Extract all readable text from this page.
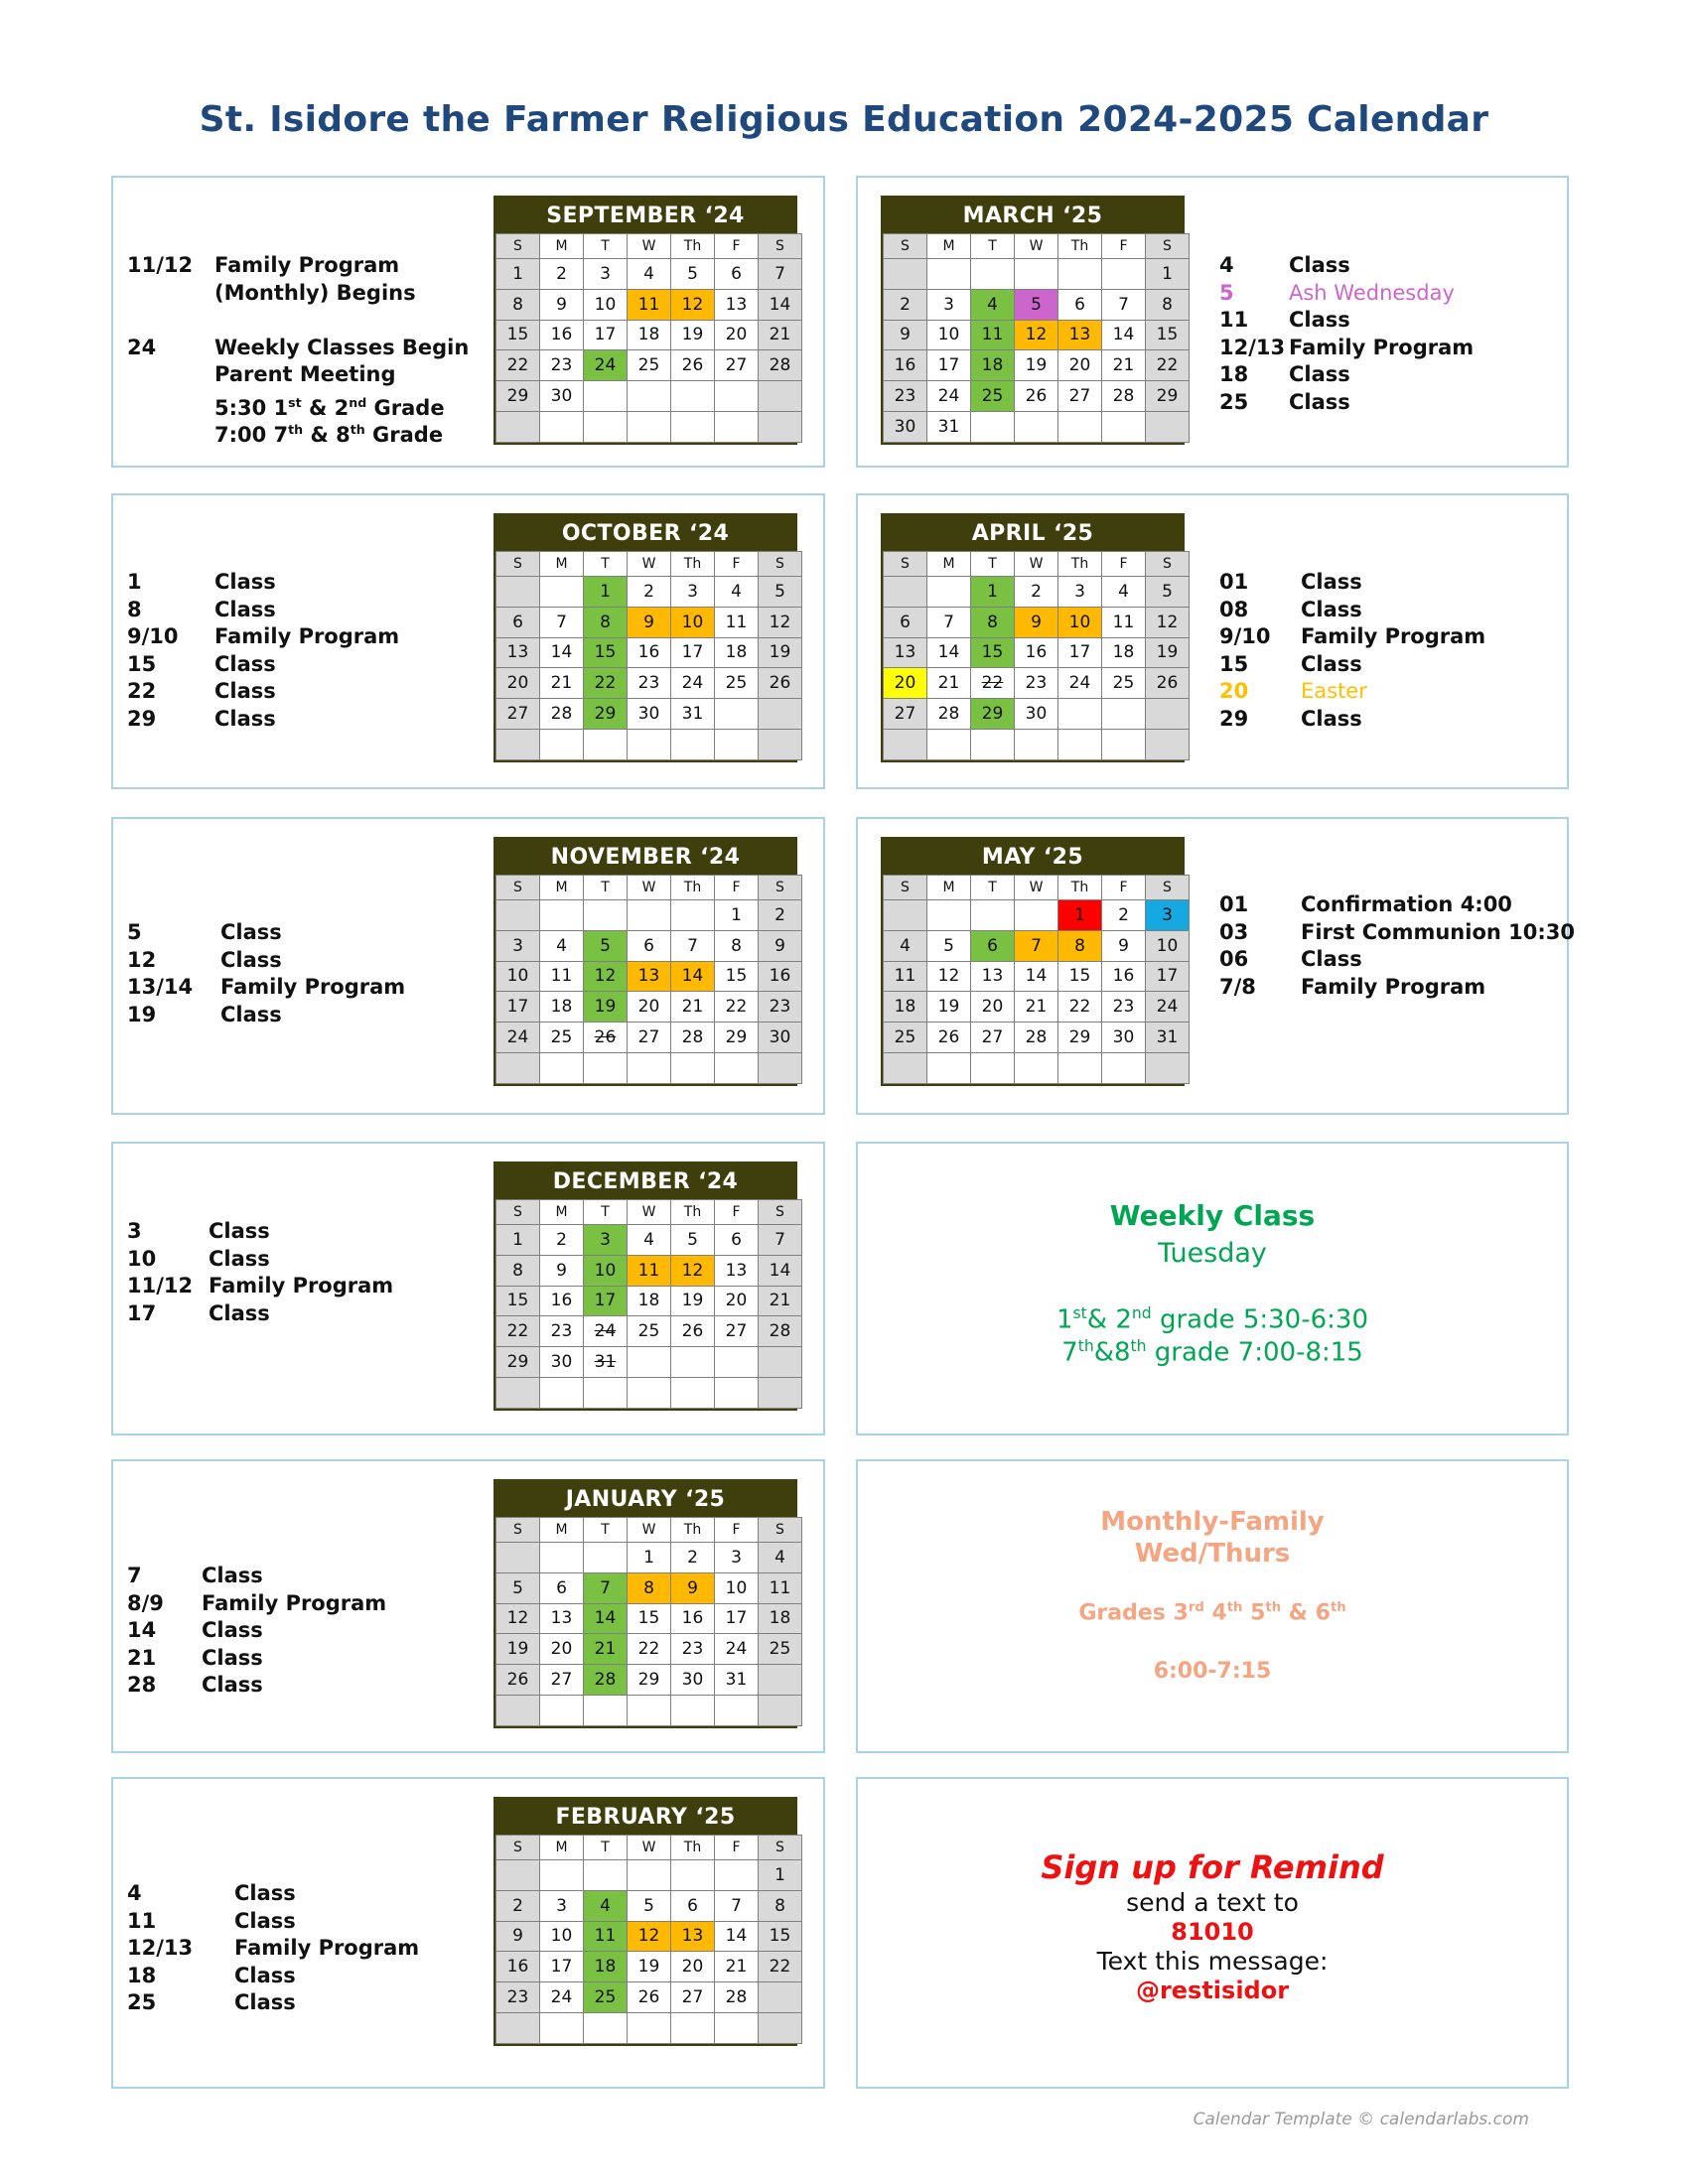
St. Isidore the Farmer Religious Education 2024-2025 Calendar
SEPTEMBER ‘24
S	M	T	W	Th	F	S
1	2	3	4	5	6	7
8	9	10	11	12	13	14
15	16	17	18	19	20	21
22	23	24	25	26	27	28
29	30					

OCTOBER ‘24
S	M	T	W	Th	F	S
		1	2	3	4	5
6	7	8	9	10	11	12
13	14	15	16	17	18	19
20	21	22	23	24	25	26
27	28	29	30	31		

NOVEMBER ‘24
S	M	T	W	Th	F	S
					1	2
3	4	5	6	7	8	9
10	11	12	13	14	15	16
17	18	19	20	21	22	23
24	25	26	27	28	29	30

DECEMBER ‘24
S	M	T	W	Th	F	S
1	2	3	4	5	6	7
8	9	10	11	12	13	14
15	16	17	18	19	20	21
22	23	24	25	26	27	28
29	30	31				

JANUARY ‘25
S	M	T	W	Th	F	S
			1	2	3	4
5	6	7	8	9	10	11
12	13	14	15	16	17	18
19	20	21	22	23	24	25
26	27	28	29	30	31	

FEBRUARY ‘25
S	M	T	W	Th	F	S
						1
2	3	4	5	6	7	8
9	10	11	12	13	14	15
16	17	18	19	20	21	22
23	24	25	26	27	28	

MARCH ‘25
S	M	T	W	Th	F	S
						1
2	3	4	5	6	7	8
9	10	11	12	13	14	15
16	17	18	19	20	21	22
23	24	25	26	27	28	29
30	31					
APRIL ‘25
S	M	T	W	Th	F	S
		1	2	3	4	5
6	7	8	9	10	11	12
13	14	15	16	17	18	19
20	21	22	23	24	25	26
27	28	29	30			

MAY ‘25
S	M	T	W	Th	F	S
				1	2	3
4	5	6	7	8	9	10
11	12	13	14	15	16	17
18	19	20	21	22	23	24
25	26	27	28	29	30	31

11/12 Family Program
(Monthly) Begins
24	Weekly Classes Begin
Parent Meeting
5:30 1st & 2nd Grade
7:00 7th & 8th Grade
1	Class
8	Class
9/10 Family Program
15	Class
22	Class
29	Class
5	Class
12	Class
13/14 Family Program
19	Class
3	Class
10	Class
11/12 Family Program
17	Class
7	Class
8/9 Family Program
14 Class
21 Class
28 Class
4	Class
11	Class
12/13 Family Program
18	Class
25	Class
4	Class
5	Ash Wednesday
11 Class
12/13 Family Program
18 Class
25 Class
01	Class
08	Class
9/10 Family Program
15	Class
20	Easter
29	Class
01	Confirmation 4:00
03	First Communion 10:30
06	Class
7/8 Family Program
Weekly Class
Tuesday
1st& 2nd grade 5:30-6:30
7th&8th grade 7:00-8:15
Monthly-Family
Wed/Thurs
Grades 3rd 4th 5th & 6th
6:00-7:15
Sign up for Remind
send a text to
81010
Text this message:
@restisidor
Calendar Template © calendarlabs.com
